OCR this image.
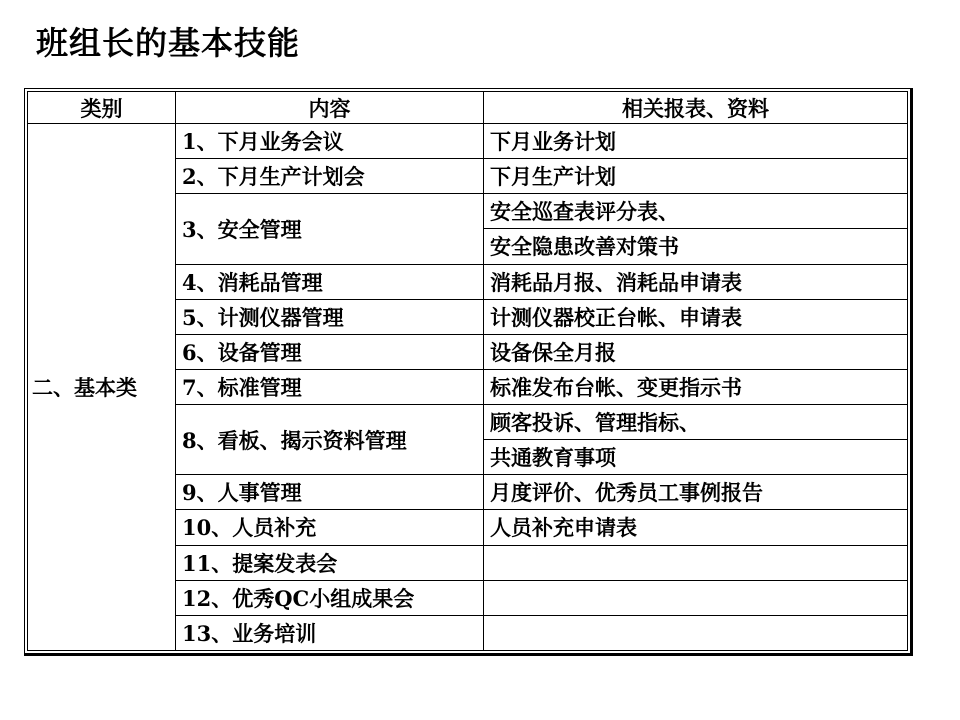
班组长的基本技能
类别	内容	相关报表、资料
二、基本类	1、下月业务会议	下月业务计划
	2、下月生产计划会	下月生产计划
	3、安全管理	安全巡查表评分表、
		安全隐患改善对策书
	4、消耗品管理	消耗品月报、消耗品申请表
	5、计测仪器管理	计测仪器校正台帐、申请表
	6、设备管理	设备保全月报
	7、标准管理	标准发布台帐、变更指示书
	8、看板、揭示资料管理	顾客投诉、管理指标、
		共通教育事项
	9、人事管理	月度评价、优秀员工事例报告
	10、人员补充	人员补充申请表
	11、提案发表会	
	12、优秀QC小组成果会	
	13、业务培训	
